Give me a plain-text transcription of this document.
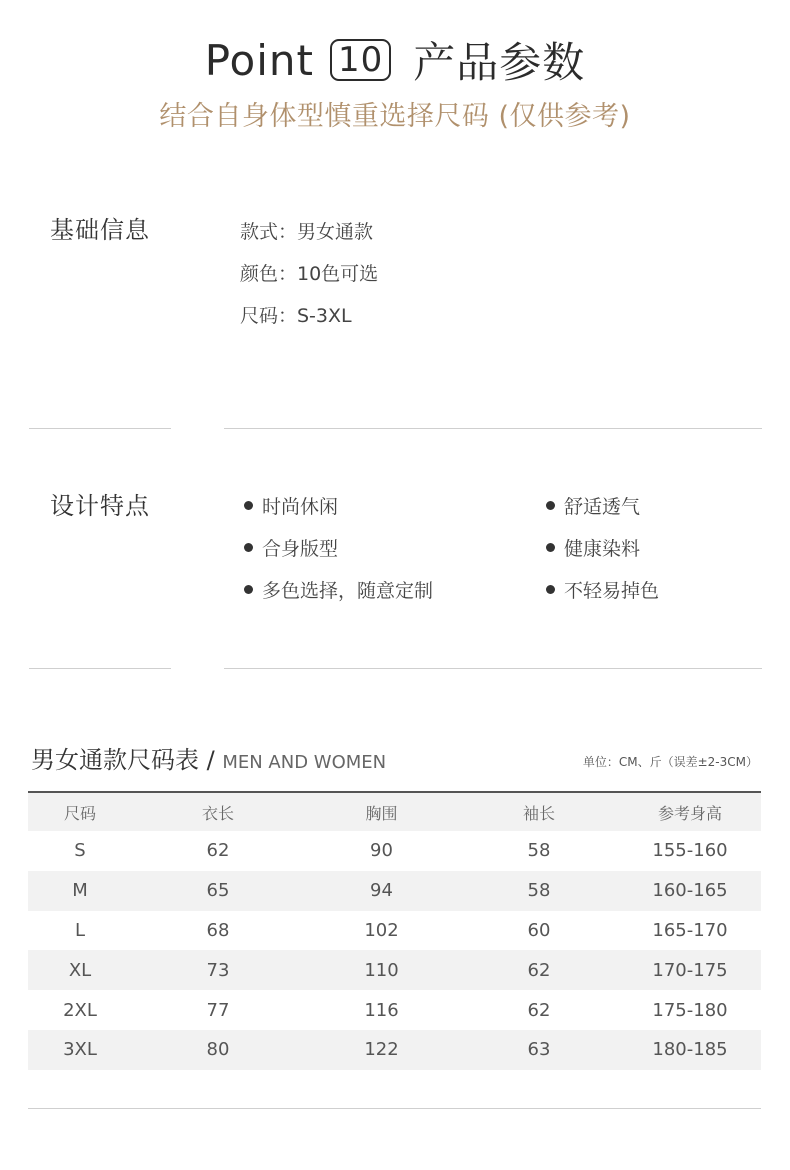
Point 10 产品参数
结合自身体型慎重选择尺码 (仅供参考)
基础信息	款式：男女通款
颜色：10色可选
尺码：S-3XL
设计特点	时尚休闲
合身版型
多色选择，随意定制
舒适透气
健康染料
不轻易掉色
男女通款尺码表 / MEN AND WOMEN	单位：CM、斤（误差±2-3CM）
尺码	衣长	胸围	袖长	参考身高
S	62	90	58	155-160
M	65	94	58	160-165
L	68	102	60	165-170
XL	73	110	62	170-175
2XL	77	116	62	175-180
3XL	80	122	63	180-185
